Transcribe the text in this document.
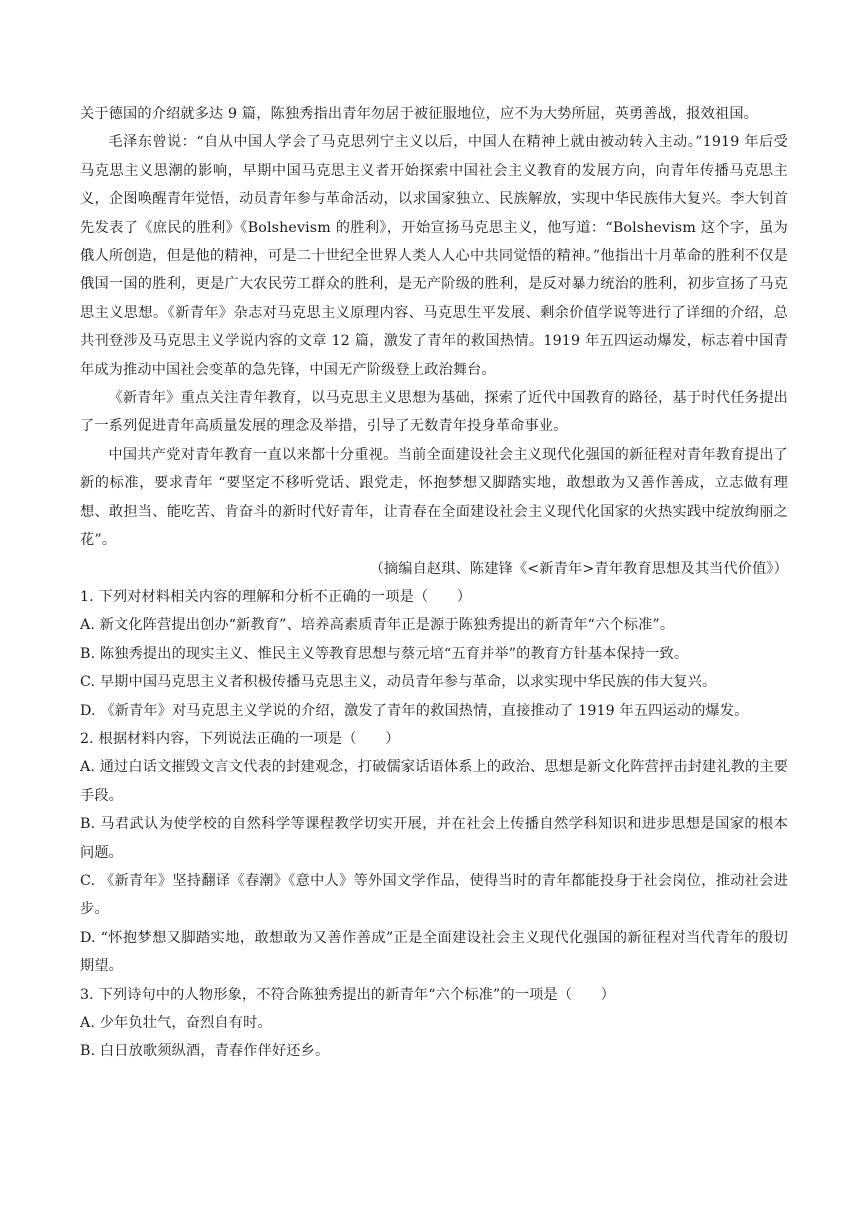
关于德国的介绍就多达 9 篇，陈独秀指出青年勿居于被征服地位，应不为大势所屈，英勇善战，报效祖国。

毛泽东曾说：“自从中国人学会了马克思列宁主义以后，中国人在精神上就由被动转入主动。”1919 年后受马克思主义思潮的影响，早期中国马克思主义者开始探索中国社会主义教育的发展方向，向青年传播马克思主义，企图唤醒青年觉悟，动员青年参与革命活动，以求国家独立、民族解放，实现中华民族伟大复兴。李大钊首先发表了《庶民的胜利》《Bolshevism 的胜利》，开始宣扬马克思主义，他写道：“Bolshevism 这个字，虽为俄人所创造，但是他的精神，可是二十世纪全世界人类人人心中共同觉悟的精神。”他指出十月革命的胜利不仅是俄国一国的胜利，更是广大农民劳工群众的胜利，是无产阶级的胜利，是反对暴力统治的胜利，初步宣扬了马克思主义思想。《新青年》杂志对马克思主义原理内容、马克思生平发展、剩余价值学说等进行了详细的介绍，总共刊登涉及马克思主义学说内容的文章 12 篇，激发了青年的救国热情。1919 年五四运动爆发，标志着中国青年成为推动中国社会变革的急先锋，中国无产阶级登上政治舞台。

《新青年》重点关注青年教育，以马克思主义思想为基础，探索了近代中国教育的路径，基于时代任务提出了一系列促进青年高质量发展的理念及举措，引导了无数青年投身革命事业。

中国共产党对青年教育一直以来都十分重视。当前全面建设社会主义现代化强国的新征程对青年教育提出了新的标准，要求青年 “要坚定不移听党话、跟党走，怀抱梦想又脚踏实地，敢想敢为又善作善成，立志做有理想、敢担当、能吃苦、肯奋斗的新时代好青年，让青春在全面建设社会主义现代化国家的火热实践中绽放绚丽之花”。

（摘编自赵琪、陈建锋《<新青年>青年教育思想及其当代价值》）

1. 下列对材料相关内容的理解和分析不正确的一项是（　　）

A. 新文化阵营提出创办“新教育”、培养高素质青年正是源于陈独秀提出的新青年“六个标准”。

B. 陈独秀提出的现实主义、惟民主义等教育思想与蔡元培“五育并举”的教育方针基本保持一致。

C. 早期中国马克思主义者积极传播马克思主义，动员青年参与革命，以求实现中华民族的伟大复兴。

D. 《新青年》对马克思主义学说的介绍，激发了青年的救国热情，直接推动了 1919 年五四运动的爆发。

2. 根据材料内容，下列说法正确的一项是（　　）

A. 通过白话文摧毁文言文代表的封建观念，打破儒家话语体系上的政治、思想是新文化阵营抨击封建礼教的主要手段。

B. 马君武认为使学校的自然科学等课程教学切实开展，并在社会上传播自然学科知识和进步思想是国家的根本问题。

C. 《新青年》坚持翻译《春潮》《意中人》等外国文学作品，使得当时的青年都能投身于社会岗位，推动社会进步。

D. “怀抱梦想又脚踏实地，敢想敢为又善作善成”正是全面建设社会主义现代化强国的新征程对当代青年的殷切期望。

3. 下列诗句中的人物形象，不符合陈独秀提出的新青年“六个标准”的一项是（　　）

A. 少年负壮气，奋烈自有时。

B. 白日放歌须纵酒，青春作伴好还乡。
